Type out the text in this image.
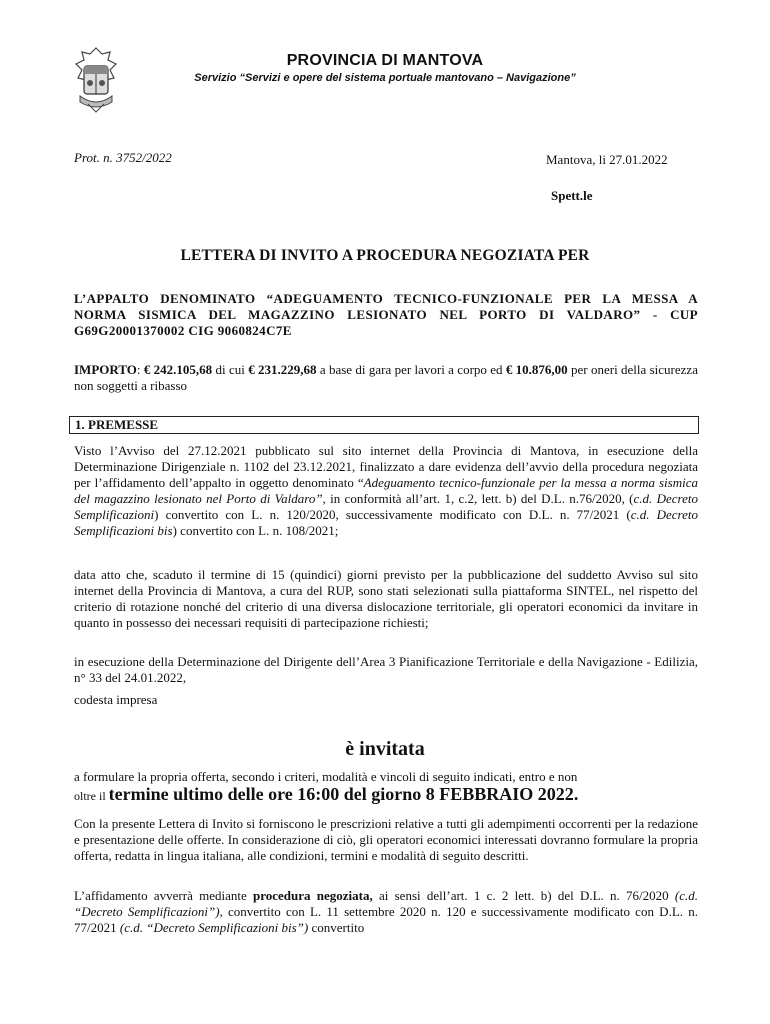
PROVINCIA DI MANTOVA
Servizio “Servizi e opere del sistema portuale mantovano – Navigazione”
Prot. n. 3752/2022	Mantova, li 27.01.2022
Spett.le
LETTERA DI INVITO A PROCEDURA NEGOZIATA PER
L’APPALTO DENOMINATO “ADEGUAMENTO TECNICO-FUNZIONALE PER LA MESSA A NORMA SISMICA DEL MAGAZZINO LESIONATO NEL PORTO DI VALDARO” - CUP G69G20001370002 CIG 9060824C7E
IMPORTO: € 242.105,68 di cui € 231.229,68 a base di gara per lavori a corpo ed € 10.876,00 per oneri della sicurezza non soggetti a ribasso
1. PREMESSE
Visto l’Avviso del 27.12.2021 pubblicato sul sito internet della Provincia di Mantova, in esecuzione della Determinazione Dirigenziale n. 1102 del 23.12.2021, finalizzato a dare evidenza dell’avvio della procedura negoziata per l’affidamento dell’appalto in oggetto denominato “Adeguamento tecnico-funzionale per la messa a norma sismica del magazzino lesionato nel Porto di Valdaro”, in conformità all’art. 1, c.2, lett. b) del D.L. n.76/2020, (c.d. Decreto Semplificazioni) convertito con L. n. 120/2020, successivamente modificato con D.L. n. 77/2021 (c.d. Decreto Semplificazioni bis) convertito con L. n. 108/2021;
data atto che, scaduto il termine di 15 (quindici) giorni previsto per la pubblicazione del suddetto Avviso sul sito internet della Provincia di Mantova, a cura del RUP, sono stati selezionati sulla piattaforma SINTEL, nel rispetto del criterio di rotazione nonché del criterio di una diversa dislocazione territoriale, gli operatori economici da invitare in quanto in possesso dei necessari requisiti di partecipazione richiesti;
in esecuzione della Determinazione del Dirigente dell’Area 3 Pianificazione Territoriale e della Navigazione - Edilizia, n° 33 del 24.01.2022,
codesta impresa
è invitata
a formulare la propria offerta, secondo i criteri, modalità e vincoli di seguito indicati, entro e non
oltre il termine ultimo delle ore 16:00 del giorno 8 FEBBRAIO 2022.
Con la presente Lettera di Invito si forniscono le prescrizioni relative a tutti gli adempimenti occorrenti per la redazione e presentazione delle offerte. In considerazione di ciò, gli operatori economici interessati dovranno formulare la propria offerta, redatta in lingua italiana, alle condizioni, termini e modalità di seguito descritti.
L’affidamento avverrà mediante procedura negoziata, ai sensi dell’art. 1 c. 2 lett. b) del D.L. n. 76/2020 (c.d. “Decreto Semplificazioni”), convertito con L. 11 settembre 2020 n. 120 e successivamente modificato con D.L. n. 77/2021 (c.d. “Decreto Semplificazioni bis”) convertito
